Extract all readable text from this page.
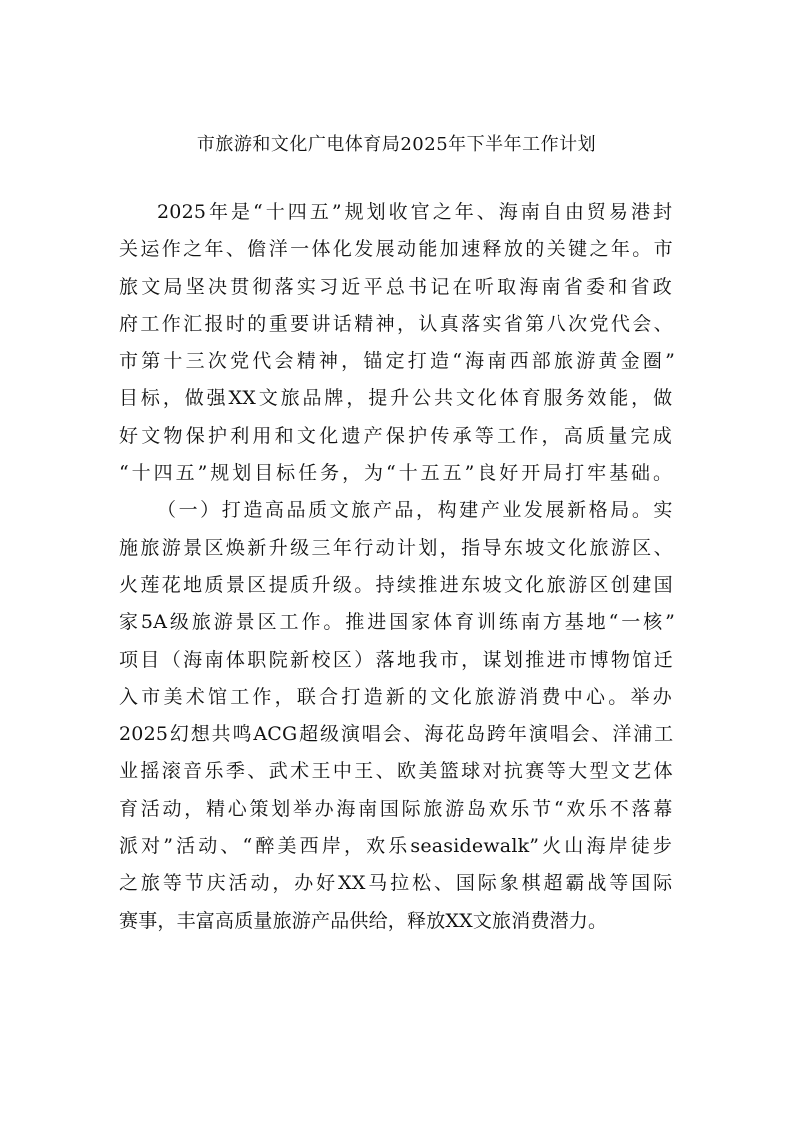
市旅游和文化广电体育局2025年下半年工作计划
2025年是“十四五”规划收官之年、海南自由贸易港封
关运作之年、儋洋一体化发展动能加速释放的关键之年。市
旅文局坚决贯彻落实习近平总书记在听取海南省委和省政
府工作汇报时的重要讲话精神，认真落实省第八次党代会、
市第十三次党代会精神，锚定打造“海南西部旅游黄金圈”
目标，做强XX文旅品牌，提升公共文化体育服务效能，做
好文物保护利用和文化遗产保护传承等工作，高质量完成
“十四五”规划目标任务，为“十五五”良好开局打牢基础。
（一）打造高品质文旅产品，构建产业发展新格局。实
施旅游景区焕新升级三年行动计划，指导东坡文化旅游区、
火莲花地质景区提质升级。持续推进东坡文化旅游区创建国
家5A级旅游景区工作。推进国家体育训练南方基地“一核”
项目（海南体职院新校区）落地我市，谋划推进市博物馆迁
入市美术馆工作，联合打造新的文化旅游消费中心。举办
2025幻想共鸣ACG超级演唱会、海花岛跨年演唱会、洋浦工
业摇滚音乐季、武术王中王、欧美篮球对抗赛等大型文艺体
育活动，精心策划举办海南国际旅游岛欢乐节“欢乐不落幕
派对”活动、“醉美西岸，欢乐seasidewalk”火山海岸徒步
之旅等节庆活动，办好XX马拉松、国际象棋超霸战等国际
赛事，丰富高质量旅游产品供给，释放XX文旅消费潜力。
